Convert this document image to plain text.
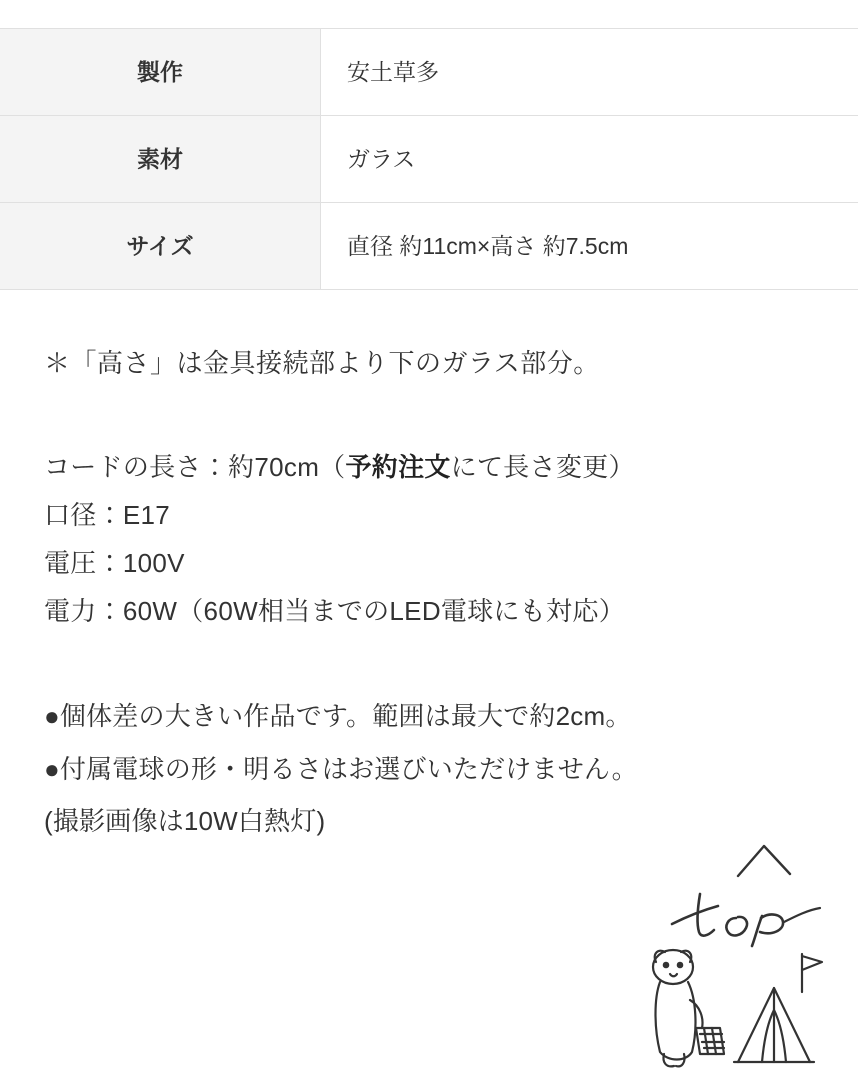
製作	安土草多
素材	ガラス
サイズ	直径 約11cm×高さ 約7.5cm
＊「高さ」は金具接続部より下のガラス部分。
コードの長さ：約70cm（予約注文にて長さ変更）
口径：E17
電圧：100V
電力：60W（60W相当までのLED電球にも対応）
●個体差の大きい作品です。範囲は最大で約2cm。
●付属電球の形・明るさはお選びいただけません。
(撮影画像は10W白熱灯)
